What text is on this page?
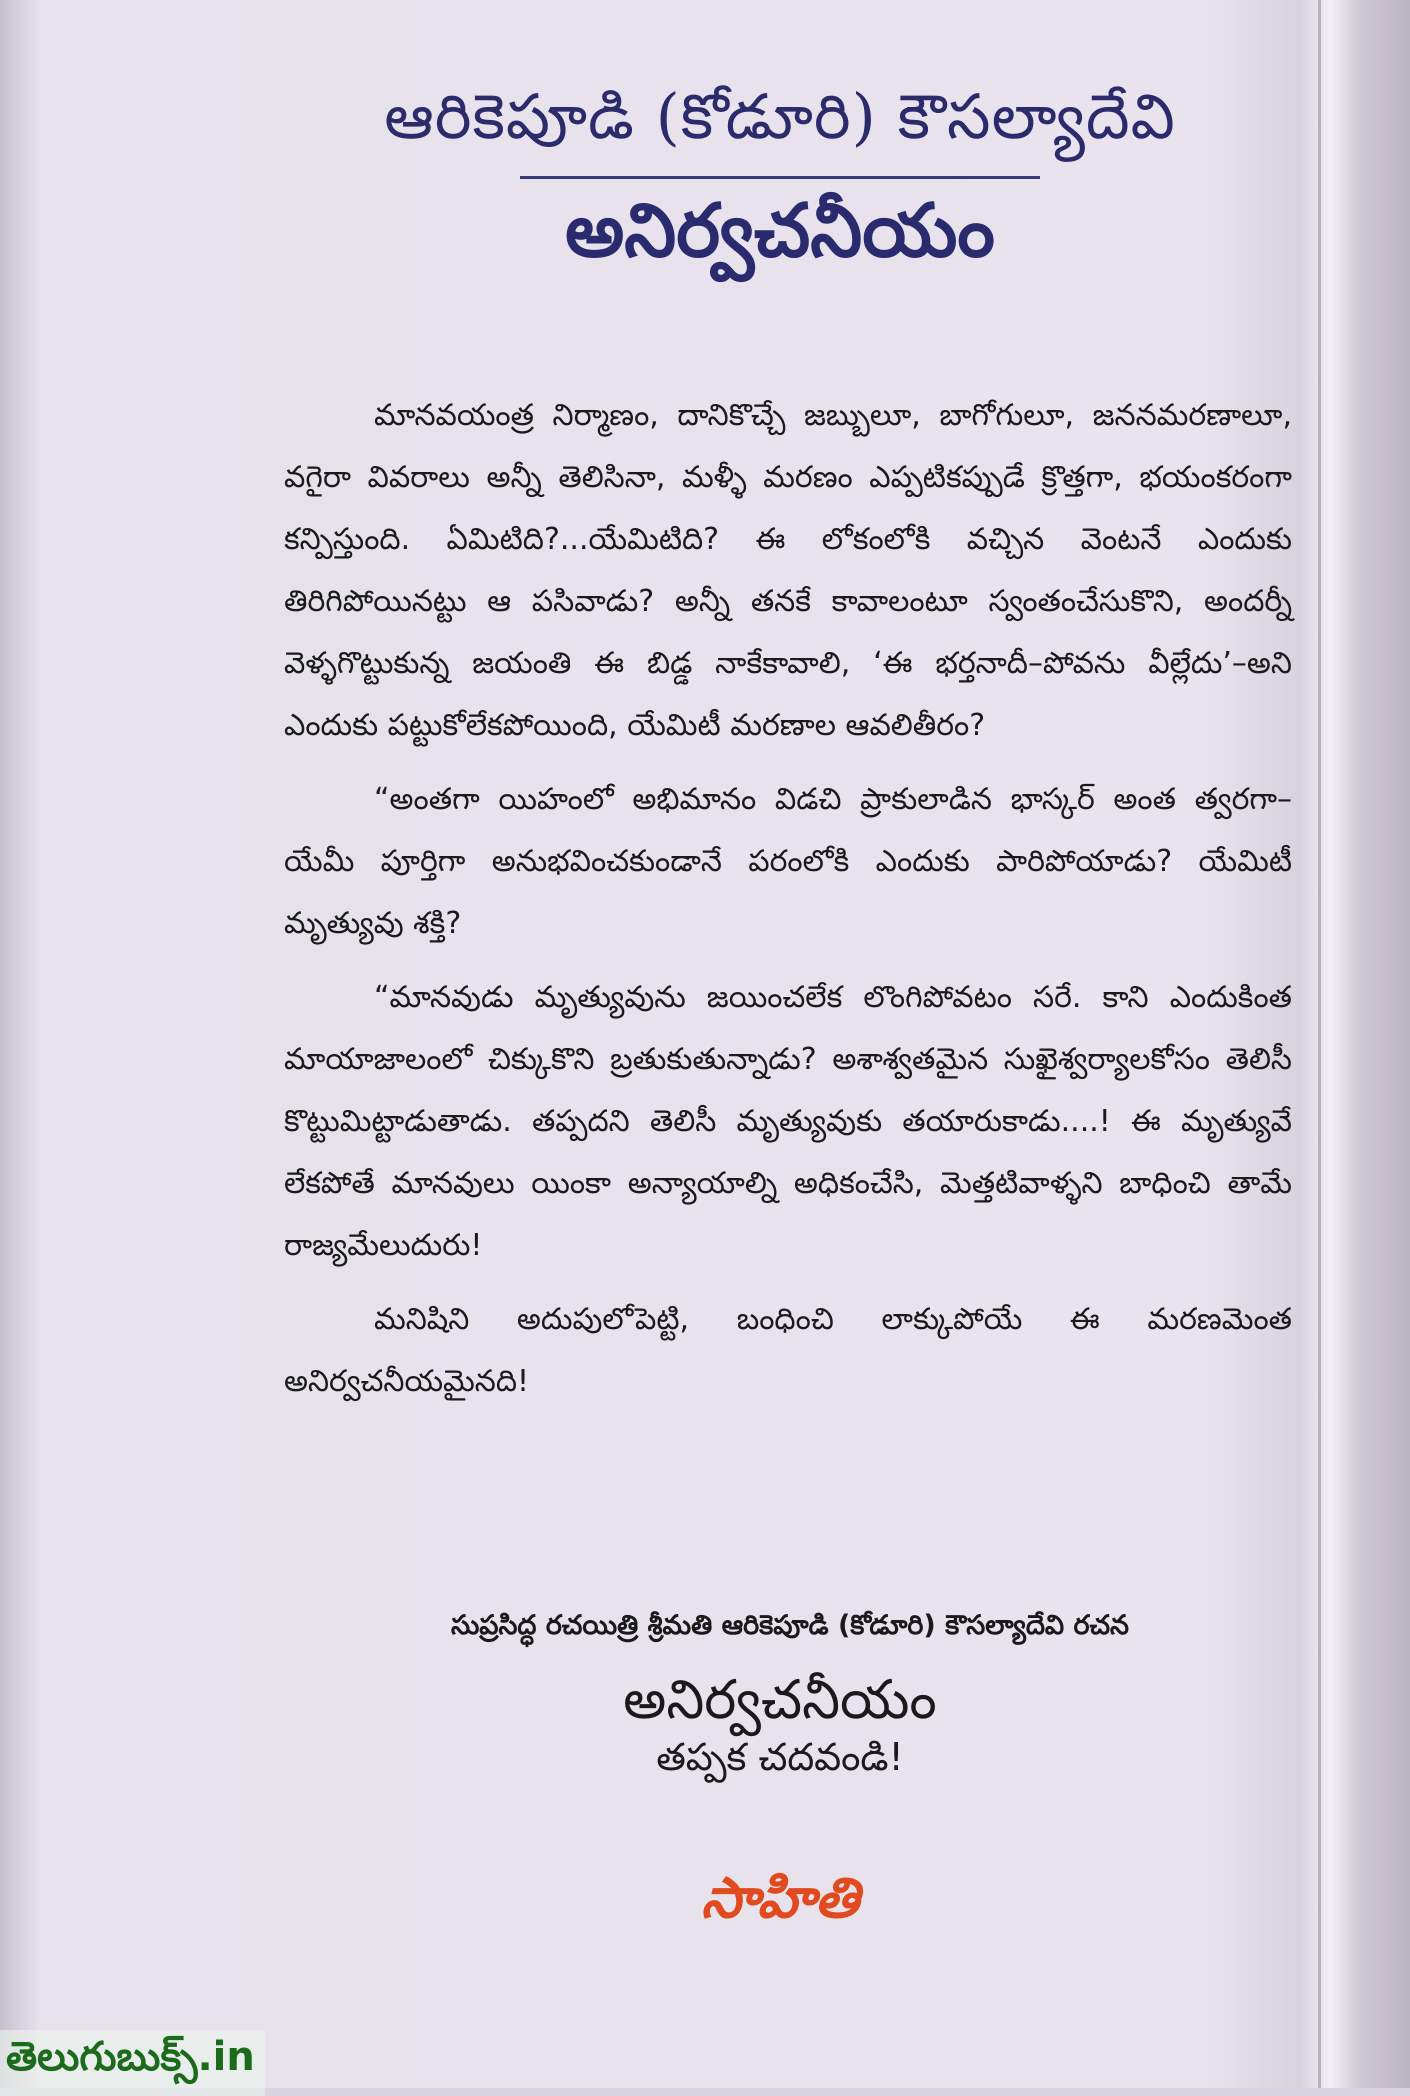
ఆరికెపూడి (కోడూరి) కౌసల్యాదేవి
అనిర్వచనీయం

మానవయంత్ర నిర్మాణం, దానికొచ్చే జబ్బులూ, బాగోగులూ, జననమరణాలూ, వగైరా వివరాలు అన్నీ తెలిసినా, మళ్ళీ మరణం ఎప్పటికప్పుడే క్రొత్తగా, భయంకరంగా కన్పిస్తుంది. ఏమిటిది?...యేమిటిది? ఈ లోకంలోకి వచ్చిన వెంటనే ఎందుకు తిరిగిపోయినట్టు ఆ పసివాడు? అన్నీ తనకే కావాలంటూ స్వంతంచేసుకొని, అందర్నీ వెళ్ళగొట్టుకున్న జయంతి ఈ బిడ్డ నాకేకావాలి, ‘ఈ భర్తనాదీ–పోవను వీల్లేదు’–అని ఎందుకు పట్టుకోలేకపోయింది, యేమిటీ మరణాల ఆవలితీరం?

“అంతగా యిహంలో అభిమానం విడచి ప్రాకులాడిన భాస్కర్ అంత త్వరగా–యేమీ పూర్తిగా అనుభవించకుండానే పరంలోకి ఎందుకు పారిపోయాడు? యేమిటీ మృత్యువు శక్తి?

“మానవుడు మృత్యువును జయించలేక లొంగిపోవటం సరే. కాని ఎందుకింత మాయాజాలంలో చిక్కుకొని బ్రతుకుతున్నాడు? అశాశ్వతమైన సుఖైశ్వర్యాలకోసం తెలిసీ కొట్టుమిట్టాడుతాడు. తప్పదని తెలిసీ మృత్యువుకు తయారుకాడు....! ఈ మృత్యువే లేకపోతే మానవులు యింకా అన్యాయాల్ని అధికంచేసి, మెత్తటివాళ్ళని బాధించి తామే రాజ్యమేలుదురు!

మనిషిని అదుపులోపెట్టి, బంధించి లాక్కుపోయే ఈ మరణమెంత అనిర్వచనీయమైనది!

సుప్రసిద్ధ రచయిత్రి శ్రీమతి ఆరికెపూడి (కోడూరి) కౌసల్యాదేవి రచన
అనిర్వచనీయం
తప్పక చదవండి!
సాహితి
తెలుగుబుక్స్.in
